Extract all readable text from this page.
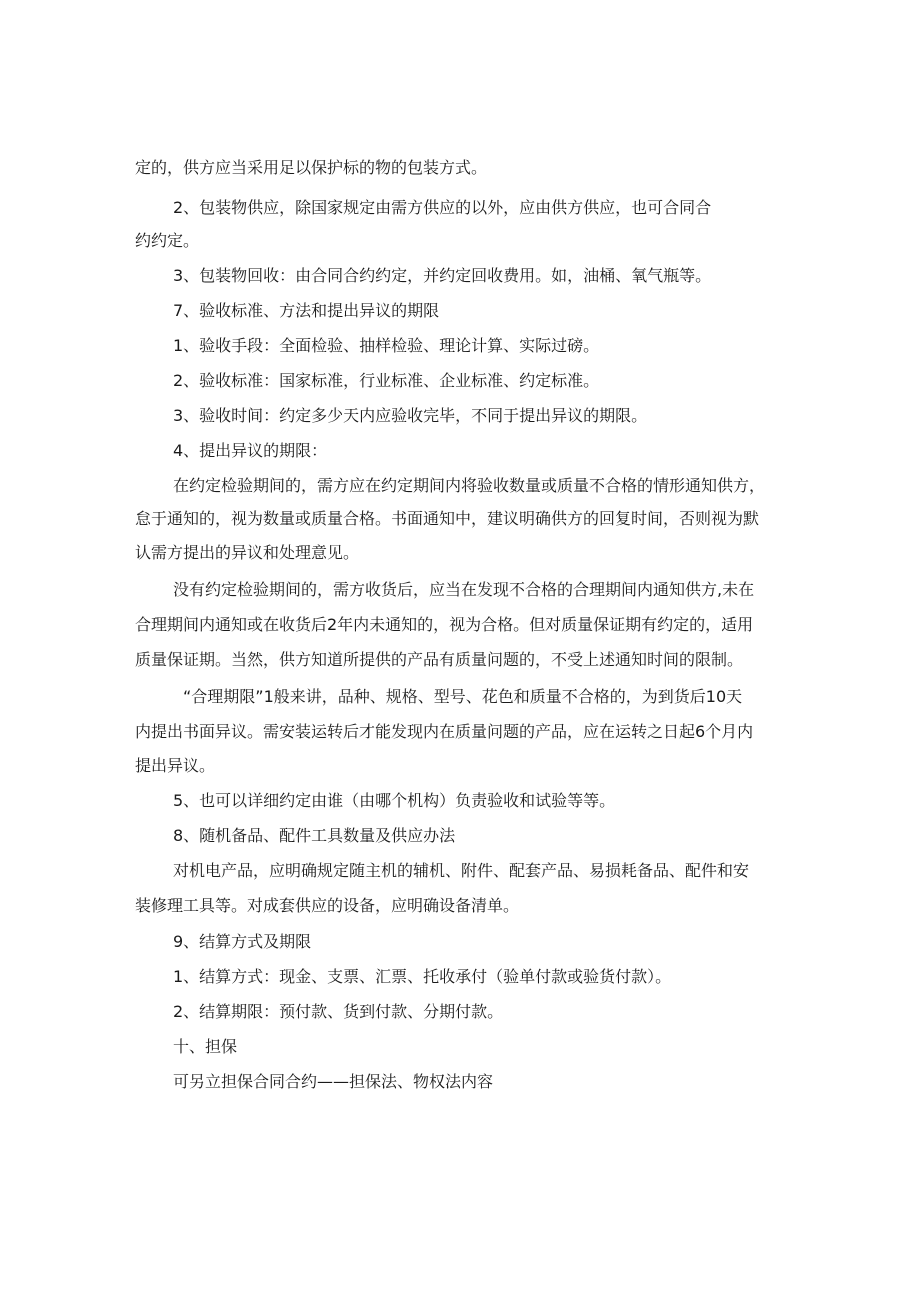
定的，供方应当采用足以保护标的物的包装方式。
2、包装物供应，除国家规定由需方供应的以外，应由供方供应，也可合同合
约约定。
3、包装物回收：由合同合约约定，并约定回收费用。如，油桶、氧气瓶等。
7、验收标准、方法和提出异议的期限
1、验收手段：全面检验、抽样检验、理论计算、实际过磅。
2、验收标准：国家标准，行业标准、企业标准、约定标准。
3、验收时间：约定多少天内应验收完毕，不同于提出异议的期限。
4、提出异议的期限：
在约定检验期间的，需方应在约定期间内将验收数量或质量不合格的情形通知供方，
怠于通知的，视为数量或质量合格。书面通知中，建议明确供方的回复时间，否则视为默
认需方提出的异议和处理意见。
没有约定检验期间的，需方收货后，应当在发现不合格的合理期间内通知供方,未在
合理期间内通知或在收货后2年内未通知的，视为合格。但对质量保证期有约定的，适用
质量保证期。当然，供方知道所提供的产品有质量问题的，不受上述通知时间的限制。
“合理期限”1般来讲，品种、规格、型号、花色和质量不合格的，为到货后10天
内提出书面异议。需安装运转后才能发现内在质量问题的产品，应在运转之日起6个月内
提出异议。
5、也可以详细约定由谁（由哪个机构）负责验收和试验等等。
8、随机备品、配件工具数量及供应办法
对机电产品，应明确规定随主机的辅机、附件、配套产品、易损耗备品、配件和安
装修理工具等。对成套供应的设备，应明确设备清单。
9、结算方式及期限
1、结算方式：现金、支票、汇票、托收承付（验单付款或验货付款）。
2、结算期限：预付款、货到付款、分期付款。
十、担保
可另立担保合同合约——担保法、物权法内容
